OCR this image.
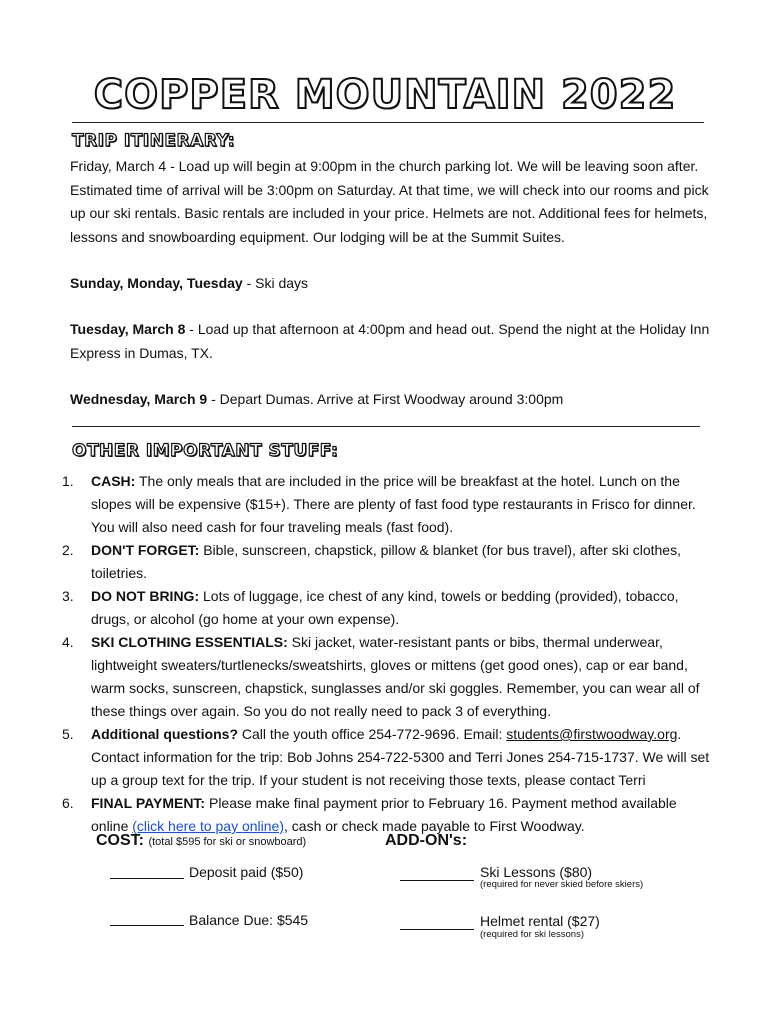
COPPER MOUNTAIN 2022
TRIP ITINERARY:
Friday, March 4 - Load up will begin at 9:00pm in the church parking lot. We will be leaving soon after. Estimated time of arrival will be 3:00pm on Saturday. At that time, we will check into our rooms and pick up our ski rentals. Basic rentals are included in your price. Helmets are not. Additional fees for helmets, lessons and snowboarding equipment. Our lodging will be at the Summit Suites.
Sunday, Monday, Tuesday - Ski days
Tuesday, March 8 - Load up that afternoon at 4:00pm and head out. Spend the night at the Holiday Inn Express in Dumas, TX.
Wednesday, March 9 - Depart Dumas. Arrive at First Woodway around 3:00pm
OTHER IMPORTANT STUFF:
1. CASH: The only meals that are included in the price will be breakfast at the hotel. Lunch on the slopes will be expensive ($15+). There are plenty of fast food type restaurants in Frisco for dinner. You will also need cash for four traveling meals (fast food).
2. DON'T FORGET: Bible, sunscreen, chapstick, pillow & blanket (for bus travel), after ski clothes, toiletries.
3. DO NOT BRING: Lots of luggage, ice chest of any kind, towels or bedding (provided), tobacco, drugs, or alcohol (go home at your own expense).
4. SKI CLOTHING ESSENTIALS: Ski jacket, water-resistant pants or bibs, thermal underwear, lightweight sweaters/turtlenecks/sweatshirts, gloves or mittens (get good ones), cap or ear band, warm socks, sunscreen, chapstick, sunglasses and/or ski goggles. Remember, you can wear all of these things over again. So you do not really need to pack 3 of everything.
5. Additional questions? Call the youth office 254-772-9696. Email: students@firstwoodway.org. Contact information for the trip: Bob Johns 254-722-5300 and Terri Jones 254-715-1737. We will set up a group text for the trip. If your student is not receiving those texts, please contact Terri
6. FINAL PAYMENT: Please make final payment prior to February 16. Payment method available online (click here to pay online), cash or check made payable to First Woodway.
COST: (total $595 for ski or snowboard)	ADD-ON's:
Deposit paid ($50)
Balance Due: $545
Ski Lessons ($80)
(required for never skied before skiers)
Helmet rental ($27)
(required for ski lessons)
